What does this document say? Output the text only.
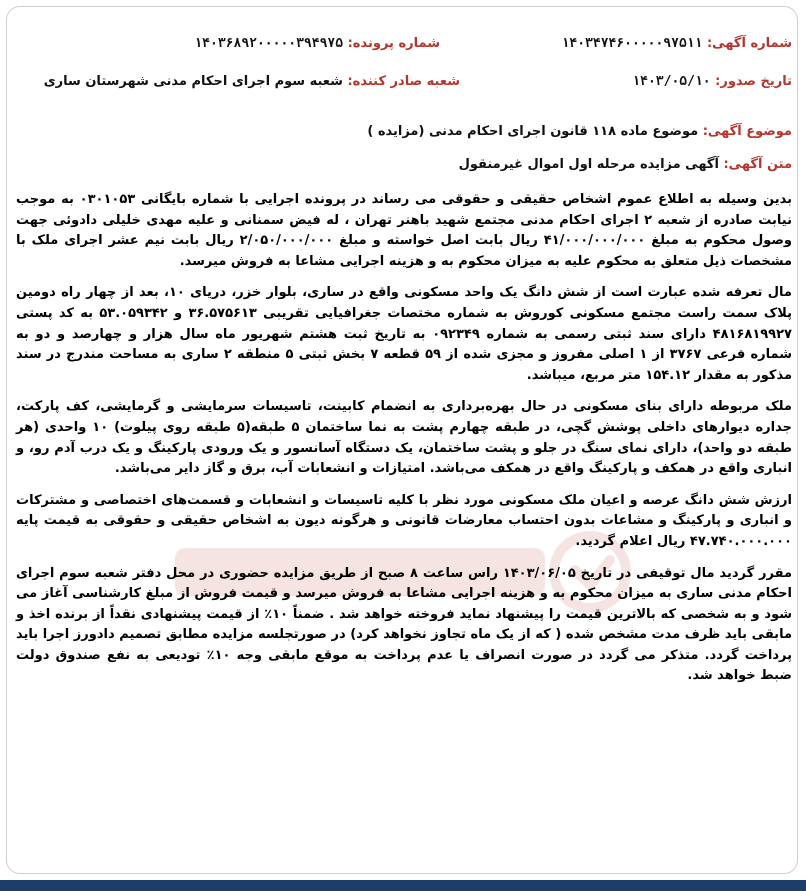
شماره آگهی: ۱۴۰۳۴۷۴۶۰۰۰۰۰۹۷۵۱۱
شماره پرونده: ۱۴۰۳۶۸۹۲۰۰۰۰۰۳۹۴۹۷۵
تاریخ صدور: ۱۴۰۳/۰۵/۱۰
شعبه صادر کننده: شعبه سوم اجرای احکام مدنی شهرستان ساری
موضوع آگهی: موضوع ماده ۱۱۸ قانون اجرای احکام مدنی (مزایده )
متن آگهی: آگهی مزایده مرحله اول اموال غیرمنقول

بدین وسیله به اطلاع عموم اشخاص حقیقی و حقوقی می رساند در پرونده اجرایی با شماره بایگانی ۰۳۰۱۰۵۳ به موجب نیابت صادره از شعبه ۲ اجرای احکام مدنی مجتمع شهید باهنر تهران ، له فیض سمنانی و علیه مهدی خلیلی دادوئی جهت وصول محکوم به مبلغ ۴۱/۰۰۰/۰۰۰/۰۰۰ ریال بابت اصل خواسته و مبلغ ۲/۰۵۰/۰۰۰/۰۰۰ ریال بابت نیم عشر اجرای ملک با مشخصات ذیل متعلق به محکوم علیه به میزان محکوم به و هزینه اجرایی مشاعا به فروش میرسد.

مال تعرفه شده عبارت است از شش دانگ یک واحد مسکونی واقع در ساری، بلوار خزر، دریای ۱۰، بعد از چهار راه دومین پلاک سمت راست مجتمع مسکونی کوروش به شماره مختصات جغرافیایی تقریبی ۳۶.۵۷۵۶۱۳ و ۵۳.۰۵۹۳۴۲ به کد پستی ۴۸۱۶۸۱۹۹۲۷ دارای سند ثبتی رسمی به شماره ۰۹۲۳۴۹ به تاریخ ثبت هشتم شهریور ماه سال هزار و چهارصد و دو به شماره فرعی ۳۷۶۷ از ۱ اصلی مفروز و مجزی شده از ۵۹ قطعه ۷ بخش ثبتی ۵ منطقه ۲ ساری به مساحت مندرج در سند مذکور به مقدار ۱۵۴.۱۲ متر مربع، میباشد.

ملک مربوطه دارای بنای مسکونی در حال بهره‌برداری به انضمام کابینت، تاسیسات سرمایشی و گرمایشی، کف پارکت، جداره دیوارهای داخلی پوشش گچی، در طبقه چهارم پشت به نما ساختمان ۵ طبقه(۵ طبقه روی پیلوت) ۱۰ واحدی (هر طبقه دو واحد)، دارای نمای سنگ در جلو و پشت ساختمان، یک دستگاه آسانسور و یک ورودی پارکینگ و یک درب آدم رو، و انباری واقع در همکف و پارکینگ واقع در همکف می‌باشد. امتیازات و انشعابات آب، برق و گاز دایر می‌باشد.

ارزش شش دانگ عرصه و اعیان ملک مسکونی مورد نظر با کلیه تاسیسات و انشعابات و قسمت‌های اختصاصی و مشترکات و انباری و پارکینگ و مشاعات بدون احتساب معارضات قانونی و هرگونه دیون به اشخاص حقیقی و حقوقی به قیمت پایه ۴۷.۷۴۰.۰۰۰.۰۰۰ ریال اعلام گردید.

مقرر گردید مال توقیفی در تاریخ ۱۴۰۳/۰۶/۰۵ راس ساعت ۸ صبح از طریق مزایده حضوری در محل دفتر شعبه سوم اجرای احکام مدنی ساری به میزان محکوم به و هزینه اجرایی مشاعا به فروش میرسد و قیمت فروش از مبلغ کارشناسی آغاز می شود و به شخصی که بالاترین قیمت را پیشنهاد نماید فروخته خواهد شد . ضمناً ۱۰٪ از قیمت پیشنهادی نقداً از برنده اخذ و مابقی باید ظرف مدت مشخص شده ( که از یک ماه تجاوز نخواهد کرد) در صورتجلسه مزایده مطابق تصمیم دادورز اجرا باید پرداخت گردد. متذکر می گردد در صورت انصراف یا عدم پرداخت به موقع مابقی وجه ۱۰٪ تودیعی به نفع صندوق دولت ضبط خواهد شد.
